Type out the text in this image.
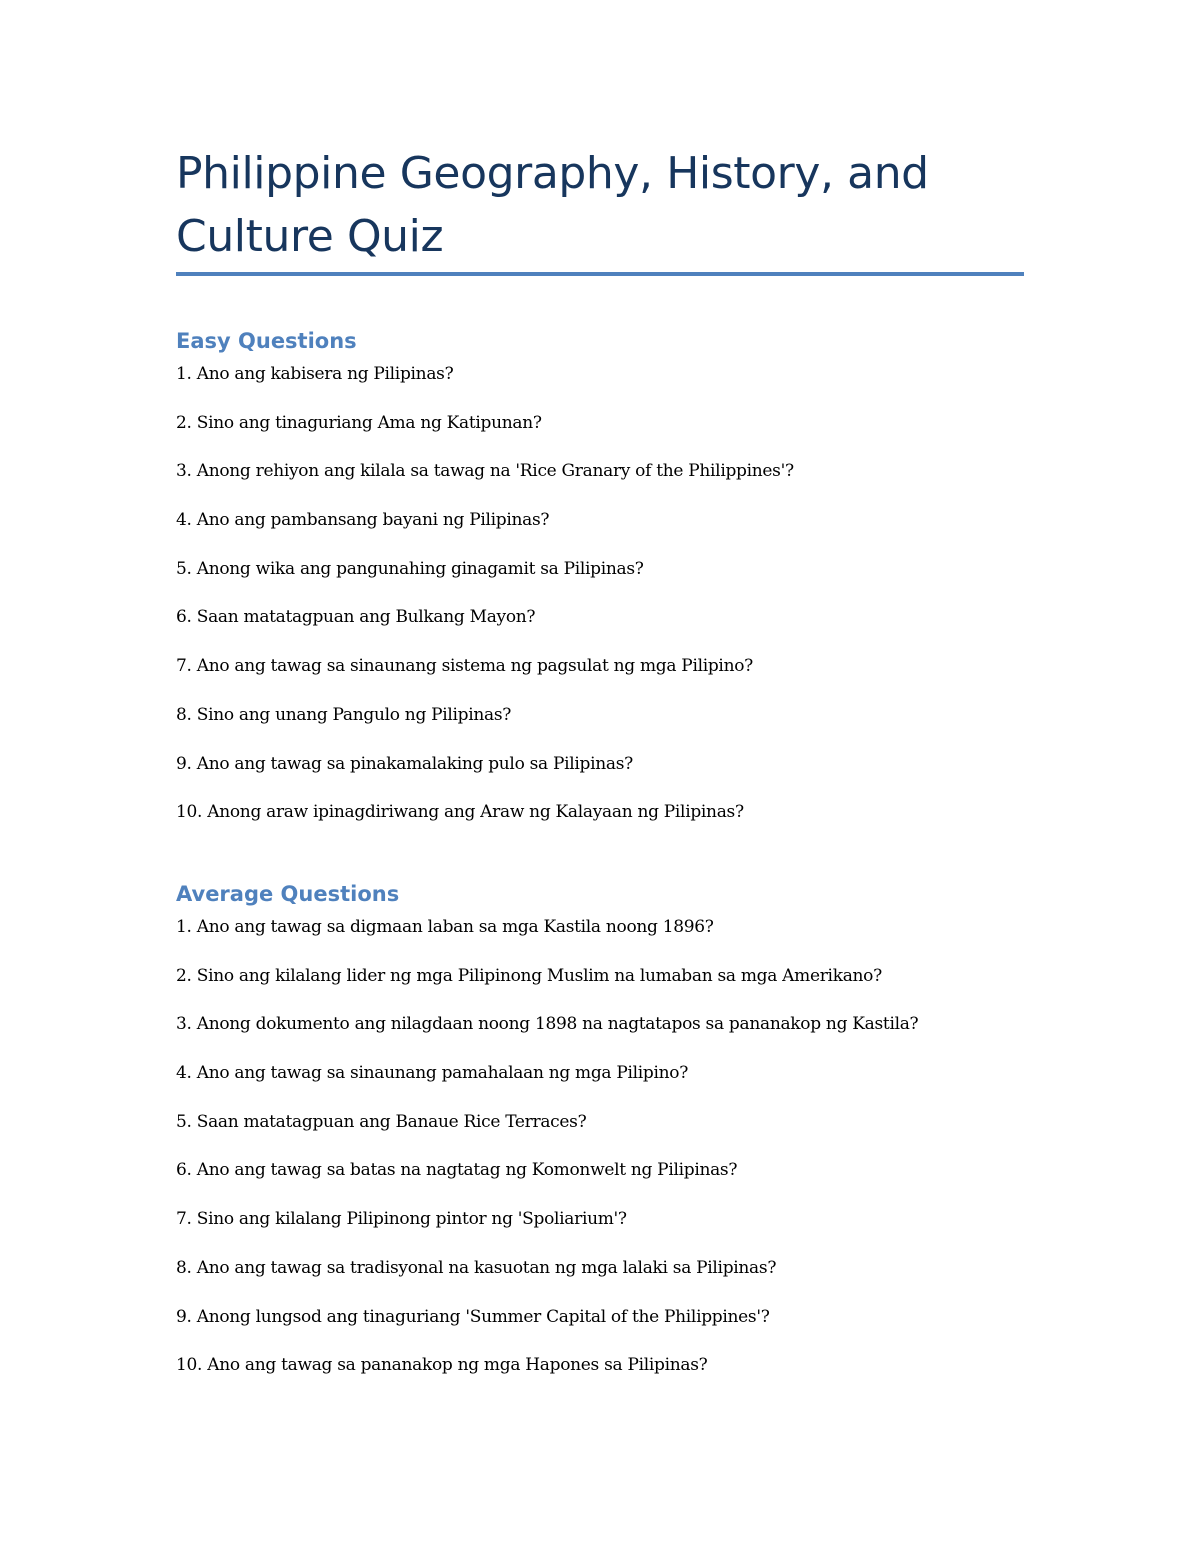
Philippine Geography, History, and Culture Quiz
Easy Questions
1. Ano ang kabisera ng Pilipinas?
2. Sino ang tinaguriang Ama ng Katipunan?
3. Anong rehiyon ang kilala sa tawag na 'Rice Granary of the Philippines'?
4. Ano ang pambansang bayani ng Pilipinas?
5. Anong wika ang pangunahing ginagamit sa Pilipinas?
6. Saan matatagpuan ang Bulkang Mayon?
7. Ano ang tawag sa sinaunang sistema ng pagsulat ng mga Pilipino?
8. Sino ang unang Pangulo ng Pilipinas?
9. Ano ang tawag sa pinakamalaking pulo sa Pilipinas?
10. Anong araw ipinagdiriwang ang Araw ng Kalayaan ng Pilipinas?
Average Questions
1. Ano ang tawag sa digmaan laban sa mga Kastila noong 1896?
2. Sino ang kilalang lider ng mga Pilipinong Muslim na lumaban sa mga Amerikano?
3. Anong dokumento ang nilagdaan noong 1898 na nagtatapos sa pananakop ng Kastila?
4. Ano ang tawag sa sinaunang pamahalaan ng mga Pilipino?
5. Saan matatagpuan ang Banaue Rice Terraces?
6. Ano ang tawag sa batas na nagtatag ng Komonwelt ng Pilipinas?
7. Sino ang kilalang Pilipinong pintor ng 'Spoliarium'?
8. Ano ang tawag sa tradisyonal na kasuotan ng mga lalaki sa Pilipinas?
9. Anong lungsod ang tinaguriang 'Summer Capital of the Philippines'?
10. Ano ang tawag sa pananakop ng mga Hapones sa Pilipinas?
